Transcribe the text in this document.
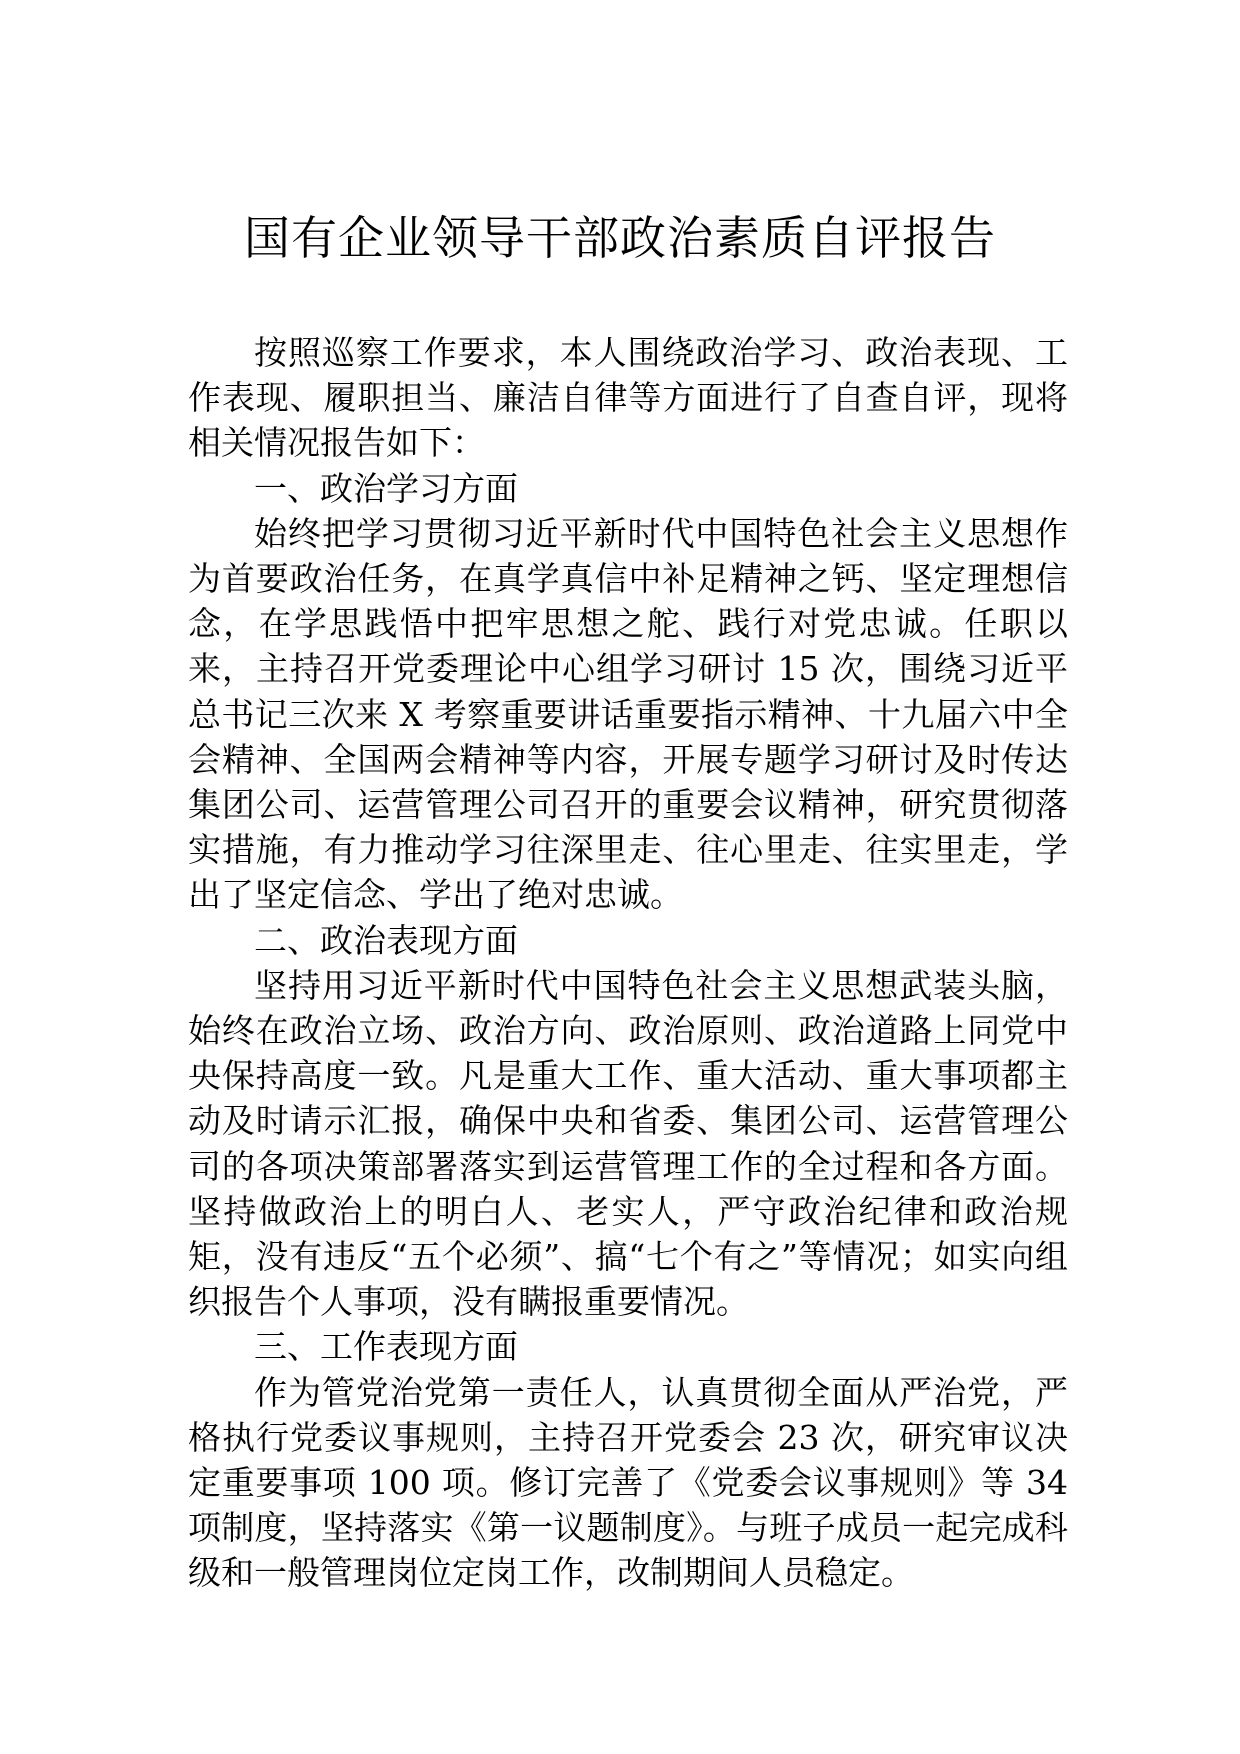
国有企业领导干部政治素质自评报告

按照巡察工作要求，本人围绕政治学习、政治表现、工作表现、履职担当、廉洁自律等方面进行了自查自评，现将相关情况报告如下：

一、政治学习方面

始终把学习贯彻习近平新时代中国特色社会主义思想作为首要政治任务，在真学真信中补足精神之钙、坚定理想信念，在学思践悟中把牢思想之舵、践行对党忠诚。任职以来，主持召开党委理论中心组学习研讨 15 次，围绕习近平总书记三次来 X 考察重要讲话重要指示精神、十九届六中全会精神、全国两会精神等内容，开展专题学习研讨及时传达集团公司、运营管理公司召开的重要会议精神，研究贯彻落实措施，有力推动学习往深里走、往心里走、往实里走，学出了坚定信念、学出了绝对忠诚。

二、政治表现方面

坚持用习近平新时代中国特色社会主义思想武装头脑，始终在政治立场、政治方向、政治原则、政治道路上同党中央保持高度一致。凡是重大工作、重大活动、重大事项都主动及时请示汇报，确保中央和省委、集团公司、运营管理公司的各项决策部署落实到运营管理工作的全过程和各方面。坚持做政治上的明白人、老实人，严守政治纪律和政治规矩，没有违反“五个必须”、搞“七个有之”等情况；如实向组织报告个人事项，没有瞒报重要情况。

三、工作表现方面

作为管党治党第一责任人，认真贯彻全面从严治党，严格执行党委议事规则，主持召开党委会 23 次，研究审议决定重要事项 100 项。修订完善了《党委会议事规则》等 34 项制度，坚持落实《第一议题制度》。与班子成员一起完成科级和一般管理岗位定岗工作，改制期间人员稳定。
